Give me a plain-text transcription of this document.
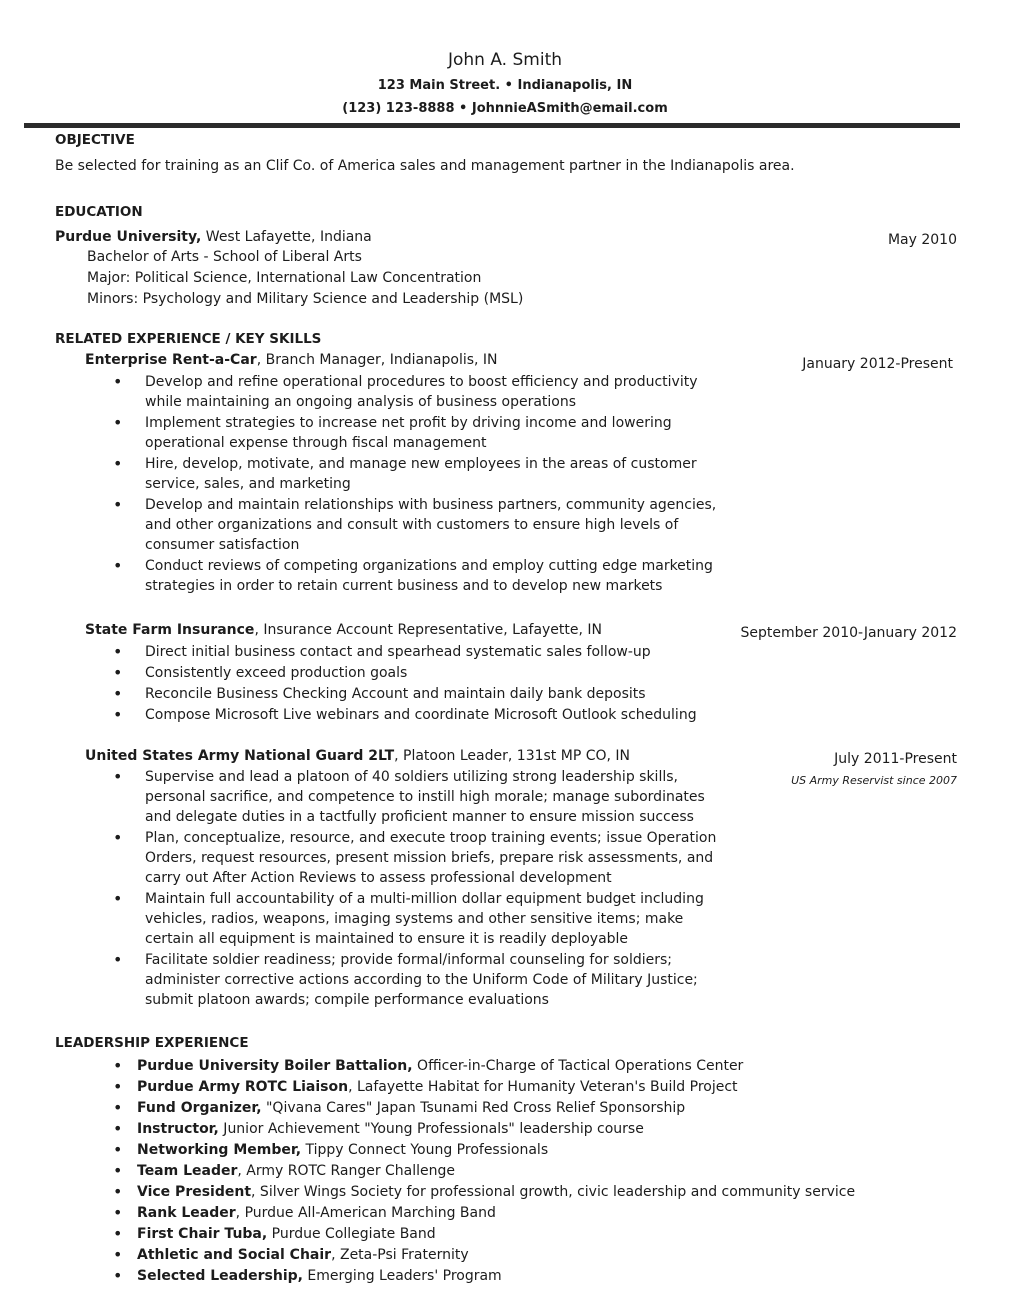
John A. Smith
123 Main Street. • Indianapolis, IN
(123) 123-8888 • JohnnieASmith@email.com
OBJECTIVE
Be selected for training as an Clif Co. of America sales and management partner in the Indianapolis area.
EDUCATION
Purdue University, West Lafayette, Indiana	May 2010
Bachelor of Arts - School of Liberal Arts
Major: Political Science, International Law Concentration
Minors: Psychology and Military Science and Leadership (MSL)
RELATED EXPERIENCE / KEY SKILLS
Enterprise Rent-a-Car, Branch Manager, Indianapolis, IN	January 2012-Present
• Develop and refine operational procedures to boost efficiency and productivity while maintaining an ongoing analysis of business operations
• Implement strategies to increase net profit by driving income and lowering operational expense through fiscal management
• Hire, develop, motivate, and manage new employees in the areas of customer service, sales, and marketing
• Develop and maintain relationships with business partners, community agencies, and other organizations and consult with customers to ensure high levels of consumer satisfaction
• Conduct reviews of competing organizations and employ cutting edge marketing strategies in order to retain current business and to develop new markets
State Farm Insurance, Insurance Account Representative, Lafayette, IN	September 2010-January 2012
• Direct initial business contact and spearhead systematic sales follow-up
• Consistently exceed production goals
• Reconcile Business Checking Account and maintain daily bank deposits
• Compose Microsoft Live webinars and coordinate Microsoft Outlook scheduling
United States Army National Guard 2LT, Platoon Leader, 131st MP CO, IN	July 2011-Present
US Army Reservist since 2007
• Supervise and lead a platoon of 40 soldiers utilizing strong leadership skills, personal sacrifice, and competence to instill high morale; manage subordinates and delegate duties in a tactfully proficient manner to ensure mission success
• Plan, conceptualize, resource, and execute troop training events; issue Operation Orders, request resources, present mission briefs, prepare risk assessments, and carry out After Action Reviews to assess professional development
• Maintain full accountability of a multi-million dollar equipment budget including vehicles, radios, weapons, imaging systems and other sensitive items; make certain all equipment is maintained to ensure it is readily deployable
• Facilitate soldier readiness; provide formal/informal counseling for soldiers; administer corrective actions according to the Uniform Code of Military Justice; submit platoon awards; compile performance evaluations
LEADERSHIP EXPERIENCE
• Purdue University Boiler Battalion, Officer-in-Charge of Tactical Operations Center
• Purdue Army ROTC Liaison, Lafayette Habitat for Humanity Veteran's Build Project
• Fund Organizer, "Qivana Cares" Japan Tsunami Red Cross Relief Sponsorship
• Instructor, Junior Achievement "Young Professionals" leadership course
• Networking Member, Tippy Connect Young Professionals
• Team Leader, Army ROTC Ranger Challenge
• Vice President, Silver Wings Society for professional growth, civic leadership and community service
• Rank Leader, Purdue All-American Marching Band
• First Chair Tuba, Purdue Collegiate Band
• Athletic and Social Chair, Zeta-Psi Fraternity
• Selected Leadership, Emerging Leaders' Program
